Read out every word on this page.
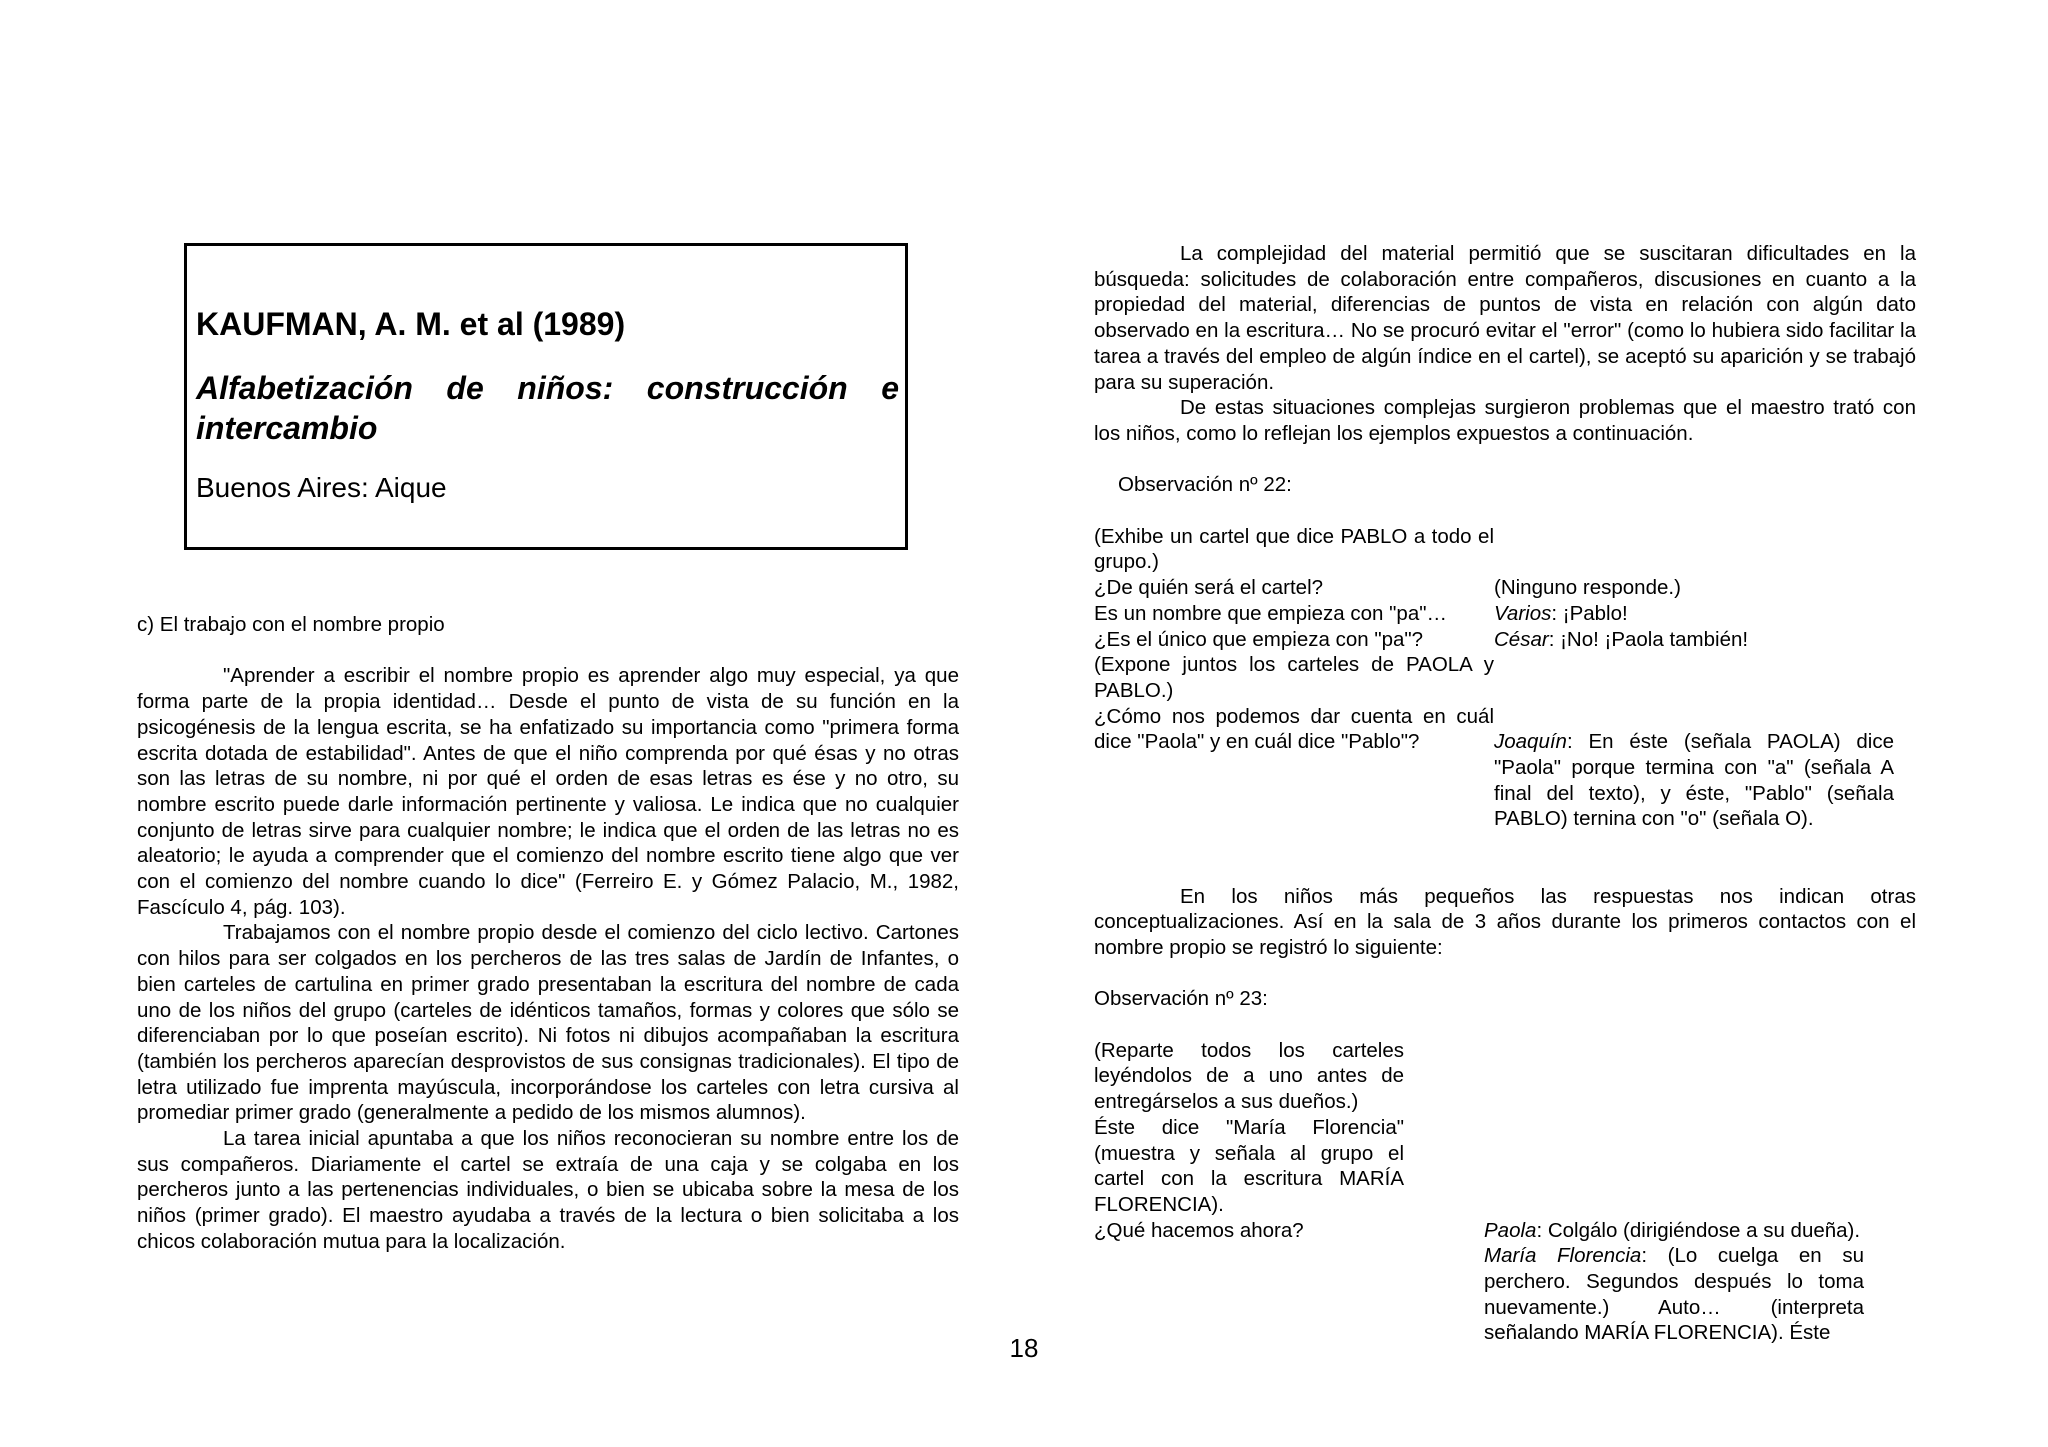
KAUFMAN, A. M. et al (1989)

Alfabetización de niños: construcción e intercambio

Buenos Aires: Aique

c) El trabajo con el nombre propio

"Aprender a escribir el nombre propio es aprender algo muy especial, ya que forma parte de la propia identidad… Desde el punto de vista de su función en la psicogénesis de la lengua escrita, se ha enfatizado su importancia como "primera forma escrita dotada de estabilidad". Antes de que el niño comprenda por qué ésas y no otras son las letras de su nombre, ni por qué el orden de esas letras es ése y no otro, su nombre escrito puede darle información pertinente y valiosa. Le indica que no cualquier conjunto de letras sirve para cualquier nombre; le indica que el orden de las letras no es aleatorio; le ayuda a comprender que el comienzo del nombre escrito tiene algo que ver con el comienzo del nombre cuando lo dice" (Ferreiro E. y Gómez Palacio, M., 1982, Fascículo 4, pág. 103).

Trabajamos con el nombre propio desde el comienzo del ciclo lectivo. Cartones con hilos para ser colgados en los percheros de las tres salas de Jardín de Infantes, o bien carteles de cartulina en primer grado presentaban la escritura del nombre de cada uno de los niños del grupo (carteles de idénticos tamaños, formas y colores que sólo se diferenciaban por lo que poseían escrito). Ni fotos ni dibujos acompañaban la escritura (también los percheros aparecían desprovistos de sus consignas tradicionales). El tipo de letra utilizado fue imprenta mayúscula, incorporándose los carteles con letra cursiva al promediar primer grado (generalmente a pedido de los mismos alumnos).

La tarea inicial apuntaba a que los niños reconocieran su nombre entre los de sus compañeros. Diariamente el cartel se extraía de una caja y se colgaba en los percheros junto a las pertenencias individuales, o bien se ubicaba sobre la mesa de los niños (primer grado). El maestro ayudaba a través de la lectura o bien solicitaba a los chicos colaboración mutua para la localización.

La complejidad del material permitió que se suscitaran dificultades en la búsqueda: solicitudes de colaboración entre compañeros, discusiones en cuanto a la propiedad del material, diferencias de puntos de vista en relación con algún dato observado en la escritura… No se procuró evitar el "error" (como lo hubiera sido facilitar la tarea a través del empleo de algún índice en el cartel), se aceptó su aparición y se trabajó para su superación.

De estas situaciones complejas surgieron problemas que el maestro trató con los niños, como lo reflejan los ejemplos expuestos a continuación.

Observación nº 22:

(Exhibe un cartel que dice PABLO a todo el grupo.)
¿De quién será el cartel?	(Ninguno responde.)
Es un nombre que empieza con "pa"…	Varios: ¡Pablo!
¿Es el único que empieza con "pa"?	César: ¡No! ¡Paola también!
(Expone juntos los carteles de PAOLA y PABLO.)
¿Cómo nos podemos dar cuenta en cuál dice "Paola" y en cuál dice "Pablo"?	Joaquín: En éste (señala PAOLA) dice "Paola" porque termina con "a" (señala A final del texto), y éste, "Pablo" (señala PABLO) ternina con "o" (señala O).

En los niños más pequeños las respuestas nos indican otras conceptualizaciones. Así en la sala de 3 años durante los primeros contactos con el nombre propio se registró lo siguiente:

Observación nº 23:

(Reparte todos los carteles leyéndolos de a uno antes de entregárselos a sus dueños.)
Éste dice "María Florencia" (muestra y señala al grupo el cartel con la escritura MARÍA FLORENCIA).
¿Qué hacemos ahora?	Paola: Colgálo (dirigiéndose a su dueña).
María Florencia: (Lo cuelga en su perchero. Segundos después lo toma nuevamente.) Auto… (interpreta señalando MARÍA FLORENCIA). Éste
18
